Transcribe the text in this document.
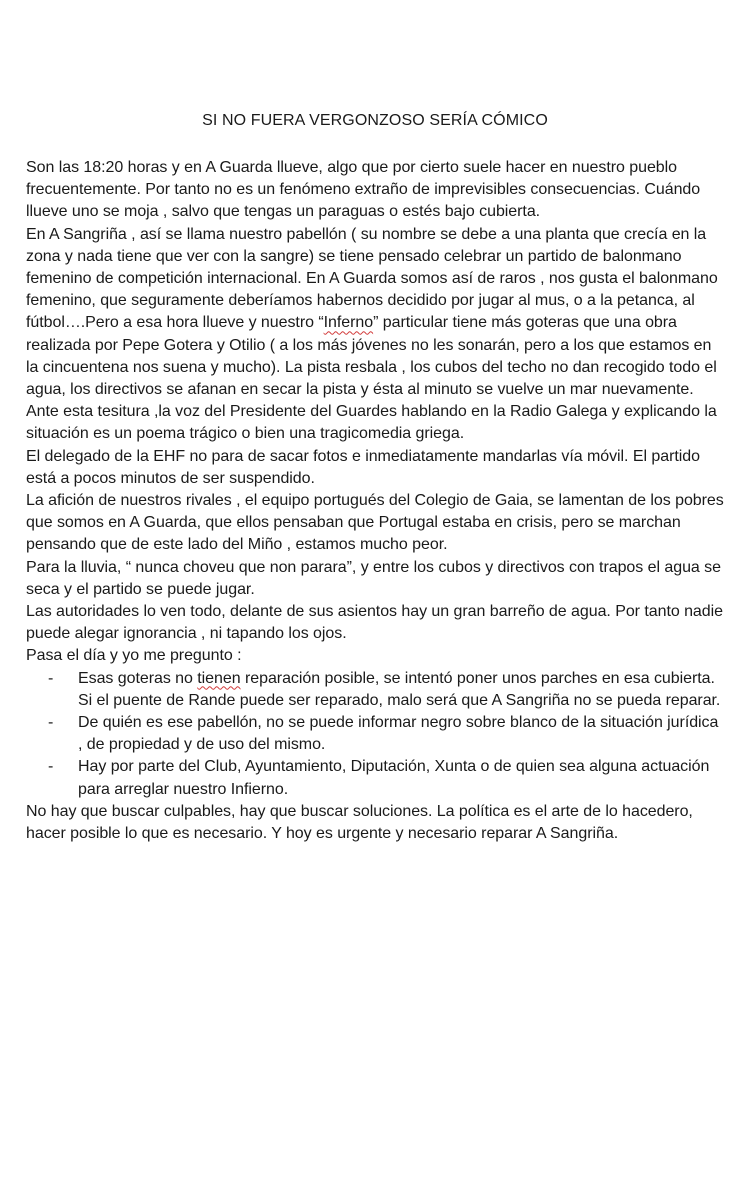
SI NO FUERA VERGONZOSO SERÍA CÓMICO

Son las 18:20 horas y en A Guarda llueve, algo que por cierto suele hacer en nuestro pueblo frecuentemente. Por tanto no es un fenómeno extraño de imprevisibles consecuencias. Cuándo llueve uno se moja , salvo que tengas un paraguas o estés bajo cubierta.

En A Sangriña , así se llama nuestro pabellón ( su nombre se debe a una planta que crecía en la zona y nada tiene que ver con la sangre) se tiene pensado celebrar un partido de balonmano femenino de competición internacional. En A Guarda somos así de raros , nos gusta el balonmano femenino, que seguramente deberíamos habernos decidido por jugar al mus, o a la petanca, al fútbol….Pero a esa hora llueve y nuestro “Inferno” particular tiene más goteras que una obra realizada por Pepe Gotera y Otilio ( a los más jóvenes no les sonarán, pero a los que estamos en la cincuentena nos suena y mucho). La pista resbala , los cubos del techo no dan recogido todo el agua, los directivos se afanan en secar la pista y ésta al minuto se vuelve un mar nuevamente.

Ante esta tesitura ,la voz del Presidente del Guardes hablando en la Radio Galega y explicando la situación es un poema trágico o bien una tragicomedia griega.

El delegado de la EHF no para de sacar fotos e inmediatamente mandarlas vía móvil. El partido está a pocos minutos de ser suspendido.

La afición de nuestros rivales , el equipo portugués del Colegio de Gaia, se lamentan de los pobres que somos en A Guarda, que ellos pensaban que Portugal estaba en crisis, pero se marchan pensando que de este lado del Miño , estamos mucho peor.

Para la lluvia, “ nunca choveu que non parara”, y entre los cubos y directivos con trapos el agua se seca y el partido se puede jugar.

Las autoridades lo ven todo, delante de sus asientos hay un gran barreño de agua. Por tanto nadie puede alegar ignorancia , ni tapando los ojos.

Pasa el día y yo me pregunto :

- Esas goteras no tienen reparación posible, se intentó poner unos parches en esa cubierta. Si el puente de Rande puede ser reparado, malo será que A Sangriña no se pueda reparar.
- De quién es ese pabellón, no se puede informar negro sobre blanco de la situación jurídica , de propiedad y de uso del mismo.
- Hay por parte del Club, Ayuntamiento, Diputación, Xunta o de quien sea alguna actuación para arreglar nuestro Infierno.

No hay que buscar culpables, hay que buscar soluciones. La política es el arte de lo hacedero, hacer posible lo que es necesario. Y hoy es urgente y necesario reparar A Sangriña.
